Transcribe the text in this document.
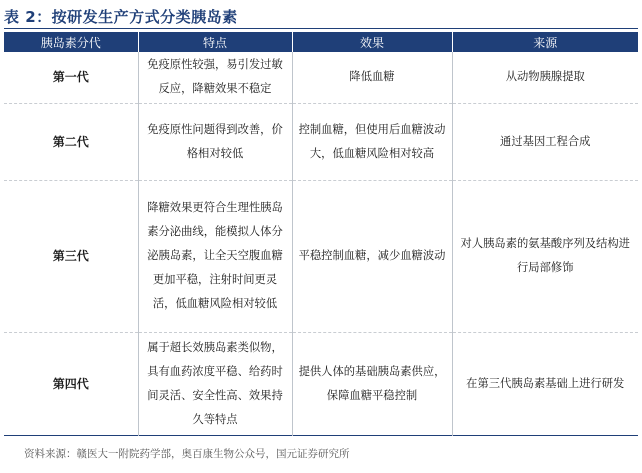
表 2：按研发生产方式分类胰岛素
胰岛素分代	特点	效果	来源
第一代	免疫原性较强，易引发过敏反应，降糖效果不稳定	降低血糖	从动物胰腺提取
第二代	免疫原性问题得到改善，价格相对较低	控制血糖，但使用后血糖波动大，低血糖风险相对较高	通过基因工程合成
第三代	降糖效果更符合生理性胰岛素分泌曲线，能模拟人体分泌胰岛素，让全天空腹血糖更加平稳，注射时间更灵活，低血糖风险相对较低	平稳控制血糖，减少血糖波动	对人胰岛素的氨基酸序列及结构进行局部修饰
第四代	属于超长效胰岛素类似物，具有血药浓度平稳、给药时间灵活、安全性高、效果持久等特点	提供人体的基础胰岛素供应，保障血糖平稳控制	在第三代胰岛素基础上进行研发
资料来源：赣医大一附院药学部，奥百康生物公众号，国元证券研究所
